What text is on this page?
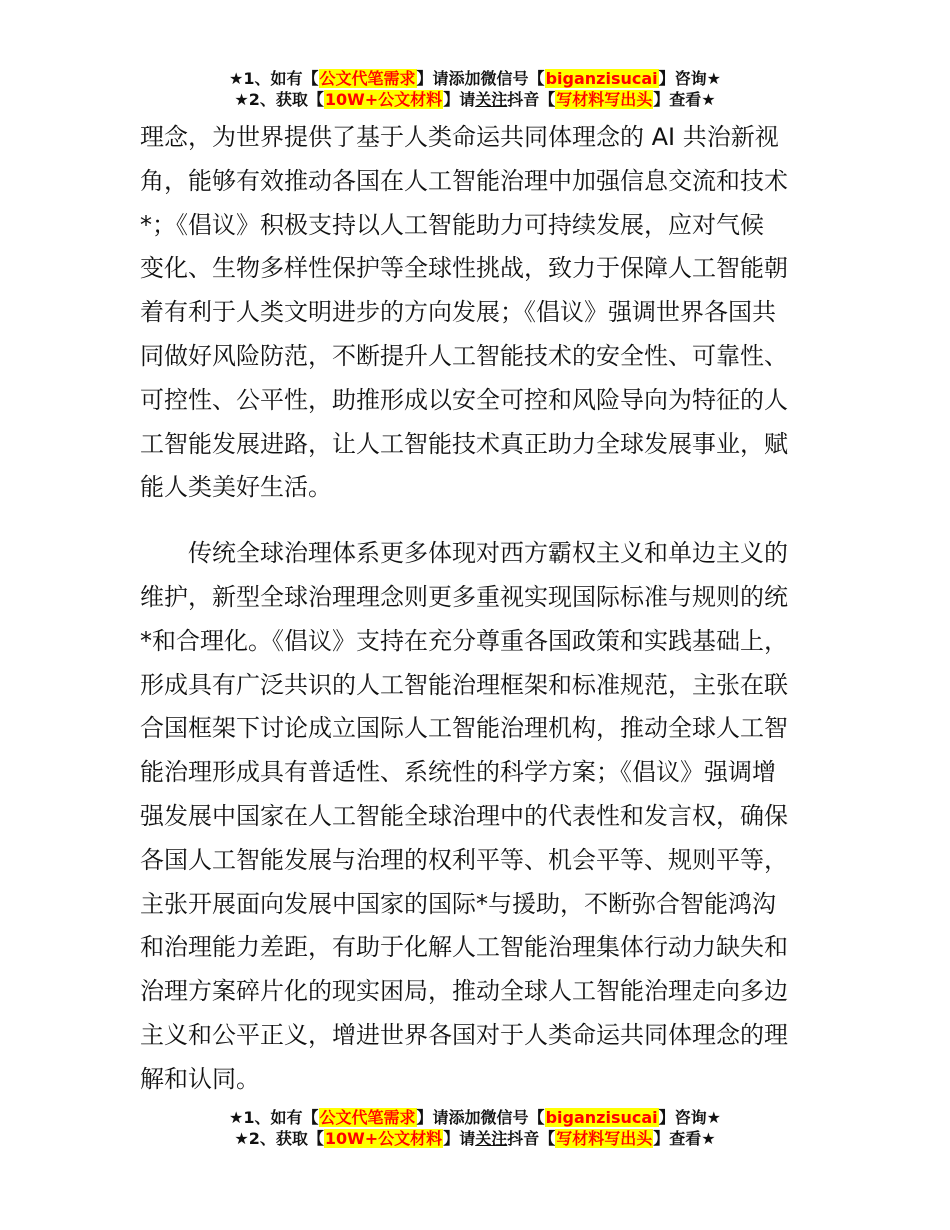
★1、如有【公文代笔需求】请添加微信号【biganzisucai】咨询★
★2、获取【10W+公文材料】请关注抖音【写材料写出头】查看★
理念，为世界提供了基于人类命运共同体理念的 AI 共治新视
角，能够有效推动各国在人工智能治理中加强信息交流和技术
*；《倡议》积极支持以人工智能助力可持续发展，应对气候
变化、生物多样性保护等全球性挑战，致力于保障人工智能朝
着有利于人类文明进步的方向发展；《倡议》强调世界各国共
同做好风险防范，不断提升人工智能技术的安全性、可靠性、
可控性、公平性，助推形成以安全可控和风险导向为特征的人
工智能发展进路，让人工智能技术真正助力全球发展事业，赋
能人类美好生活。
传统全球治理体系更多体现对西方霸权主义和单边主义的
维护，新型全球治理理念则更多重视实现国际标准与规则的统
*和合理化。《倡议》支持在充分尊重各国政策和实践基础上，
形成具有广泛共识的人工智能治理框架和标准规范，主张在联
合国框架下讨论成立国际人工智能治理机构，推动全球人工智
能治理形成具有普适性、系统性的科学方案；《倡议》强调增
强发展中国家在人工智能全球治理中的代表性和发言权，确保
各国人工智能发展与治理的权利平等、机会平等、规则平等，
主张开展面向发展中国家的国际*与援助，不断弥合智能鸿沟
和治理能力差距，有助于化解人工智能治理集体行动力缺失和
治理方案碎片化的现实困局，推动全球人工智能治理走向多边
主义和公平正义，增进世界各国对于人类命运共同体理念的理
解和认同。
★1、如有【公文代笔需求】请添加微信号【biganzisucai】咨询★
★2、获取【10W+公文材料】请关注抖音【写材料写出头】查看★
